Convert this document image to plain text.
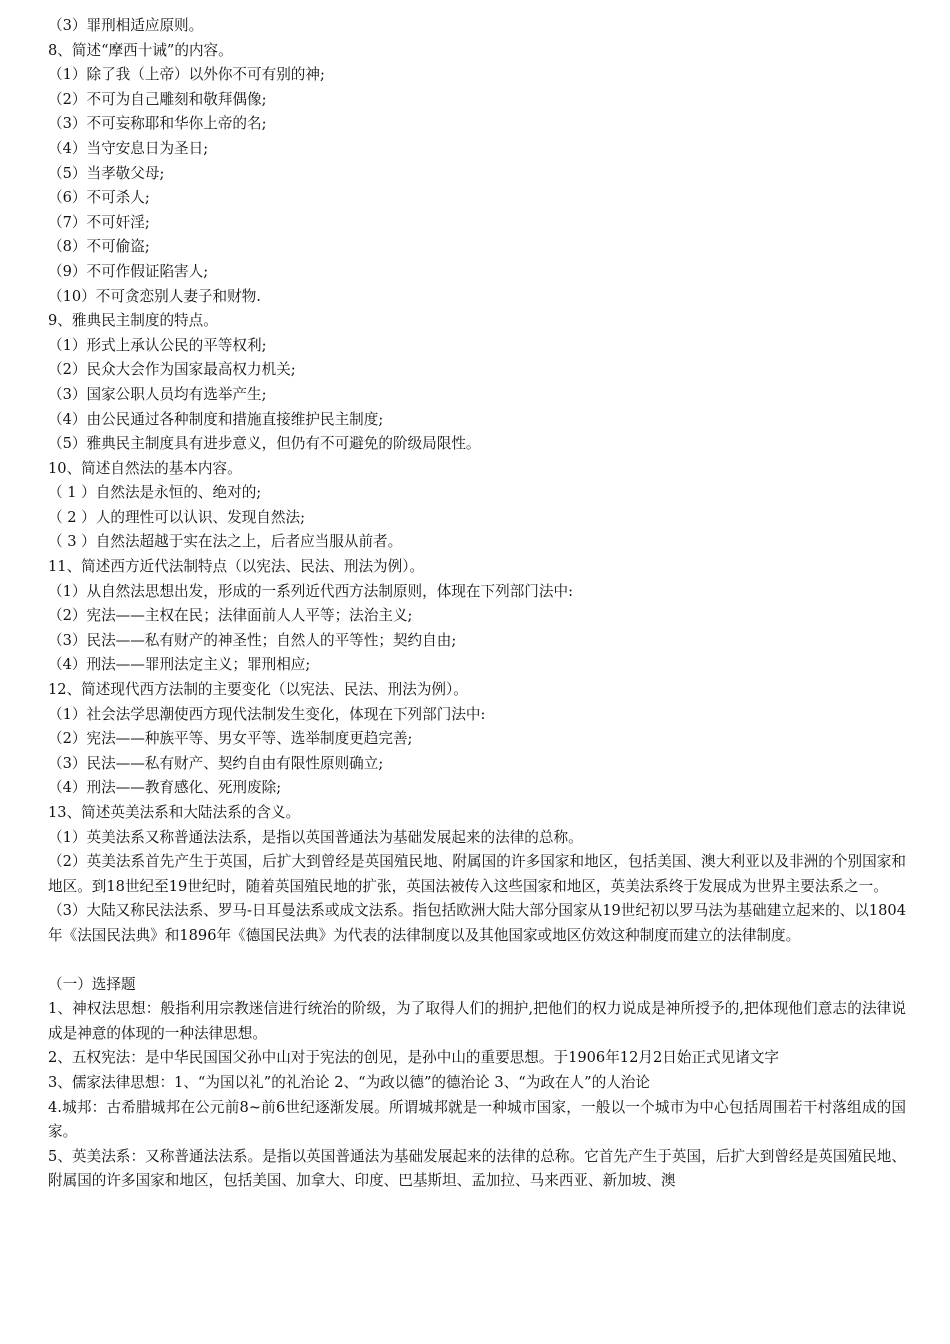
（3）罪刑相适应原则。
8、简述“摩西十诫”的内容。
（1）除了我（上帝）以外你不可有别的神;
（2）不可为自己雕刻和敬拜偶像;
（3）不可妄称耶和华你上帝的名;
（4）当守安息日为圣日;
（5）当孝敬父母;
（6）不可杀人;
（7）不可奸淫;
（8）不可偷盗;
（9）不可作假证陷害人;
（10）不可贪恋别人妻子和财物.
9、雅典民主制度的特点。
（1）形式上承认公民的平等权利;
（2）民众大会作为国家最高权力机关;
（3）国家公职人员均有选举产生;
（4）由公民通过各种制度和措施直接维护民主制度;
（5）雅典民主制度具有进步意义，但仍有不可避免的阶级局限性。
10、简述自然法的基本内容。
（ 1 ）自然法是永恒的、绝对的;
（ 2 ）人的理性可以认识、发现自然法;
（ 3 ）自然法超越于实在法之上，后者应当服从前者。
11、简述西方近代法制特点（以宪法、民法、刑法为例）。
（1）从自然法思想出发，形成的一系列近代西方法制原则，体现在下列部门法中:
（2）宪法——主权在民；法律面前人人平等；法治主义;
（3）民法——私有财产的神圣性；自然人的平等性；契约自由;
（4）刑法——罪刑法定主义；罪刑相应;
12、简述现代西方法制的主要变化（以宪法、民法、刑法为例）。
（1）社会法学思潮使西方现代法制发生变化，体现在下列部门法中:
（2）宪法——种族平等、男女平等、选举制度更趋完善;
（3）民法——私有财产、契约自由有限性原则确立;
（4）刑法——教育感化、死刑废除;
13、简述英美法系和大陆法系的含义。
（1）英美法系又称普通法法系，是指以英国普通法为基础发展起来的法律的总称。

（2）英美法系首先产生于英国，后扩大到曾经是英国殖民地、附属国的许多国家和地区，包括美国、澳大利亚以及非洲的个别国家和地区。到18世纪至19世纪时，随着英国殖民地的扩张，英国法被传入这些国家和地区，英美法系终于发展成为世界主要法系之一。

（3）大陆又称民法法系、罗马-日耳曼法系或成文法系。指包括欧洲大陆大部分国家从19世纪初以罗马法为基础建立起来的、以1804年《法国民法典》和1896年《德国民法典》为代表的法律制度以及其他国家或地区仿效这种制度而建立的法律制度。

（一）选择题

1、神权法思想：般指利用宗教迷信进行统治的阶级，为了取得人们的拥护,把他们的权力说成是神所授予的,把体现他们意志的法律说成是神意的体现的一种法律思想。

2、五权宪法：是中华民国国父孙中山对于宪法的创见，是孙中山的重要思想。于1906年12月2日始正式见诸文字

3、儒家法律思想：1、“为国以礼”的礼治论 2、“为政以德”的德治论 3、“为政在人”的人治论

4.城邦：古希腊城邦在公元前8~前6世纪逐渐发展。所谓城邦就是一种城市国家，一般以一个城市为中心包括周围若干村落组成的国家。

5、英美法系：又称普通法法系。是指以英国普通法为基础发展起来的法律的总称。它首先产生于英国，后扩大到曾经是英国殖民地、附属国的许多国家和地区，包括美国、加拿大、印度、巴基斯坦、孟加拉、马来西亚、新加坡、澳
